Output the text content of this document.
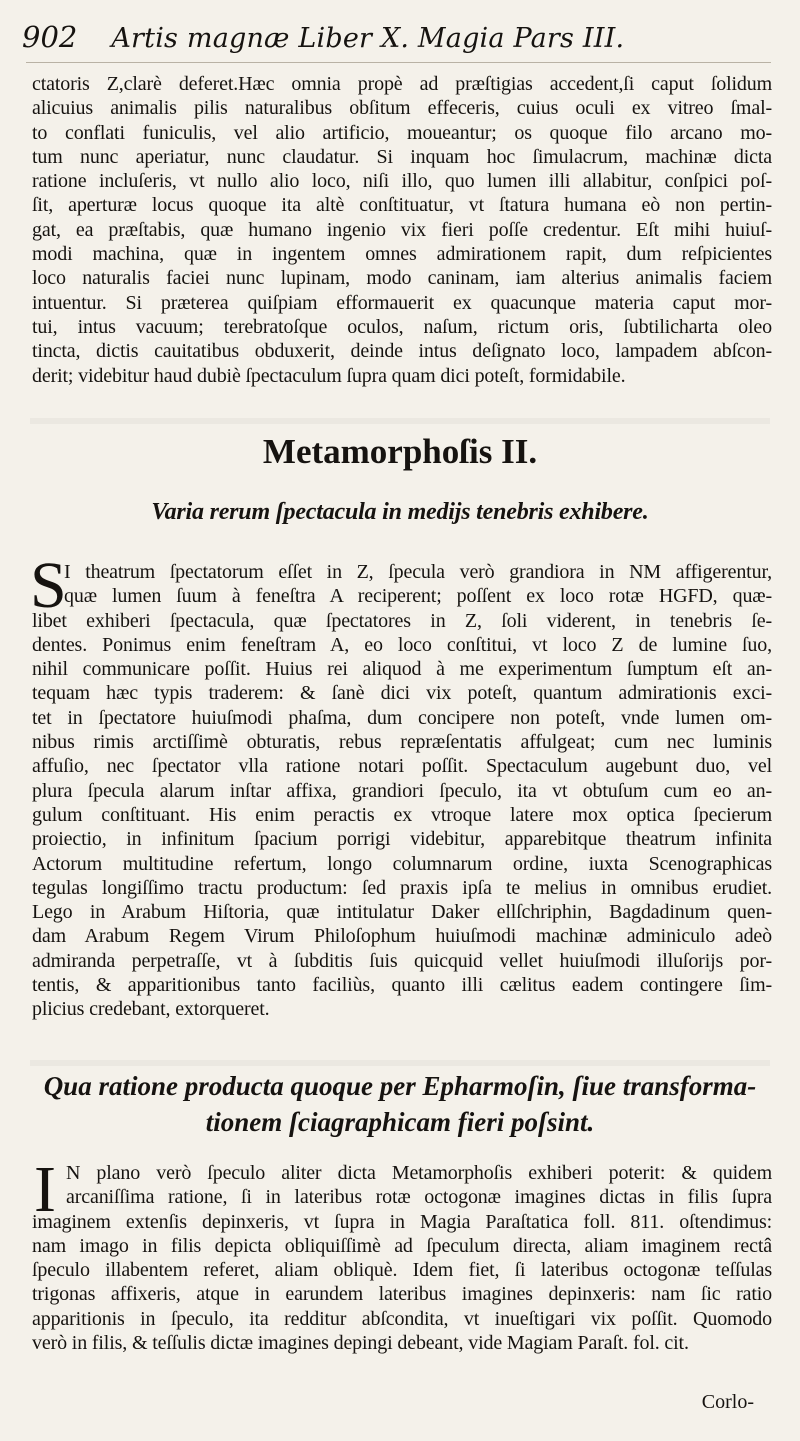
902 Artis magnæ Liber X. Magia Pars III.
ctatoris Z,clarè deferet.Hæc omnia propè ad præſtigias accedent,ſi caput ſolidum
alicuius animalis pilis naturalibus obſitum effeceris, cuius oculi ex vitreo ſmal-
to conflati funiculis, vel alio artificio, moueantur; os quoque filo arcano mo-
tum nunc aperiatur, nunc claudatur. Si inquam hoc ſimulacrum, machinæ dicta
ratione incluſeris, vt nullo alio loco, niſi illo, quo lumen illi allabitur, conſpici poſ-
ſit, aperturæ locus quoque ita altè conſtituatur, vt ſtatura humana eò non pertin-
gat, ea præſtabis, quæ humano ingenio vix fieri poſſe credentur. Eſt mihi huiuſ-
modi machina, quæ in ingentem omnes admirationem rapit, dum reſpicientes
loco naturalis faciei nunc lupinam, modo caninam, iam alterius animalis faciem
intuentur. Si præterea quiſpiam efformauerit ex quacunque materia caput mor-
tui, intus vacuum; terebratoſque oculos, naſum, rictum oris, ſubtilicharta oleo
tincta, dictis cauitatibus obduxerit, deinde intus deſignato loco, lampadem abſcon-
derit; videbitur haud dubiè ſpectaculum ſupra quam dici poteſt, formidabile.
Metamorphoſis II.
Varia rerum ſpectacula in medijs tenebris exhibere.
S
I theatrum ſpectatorum eſſet in Z, ſpecula verò grandiora in NM affigerentur,
quæ lumen ſuum à feneſtra A reciperent; poſſent ex loco rotæ HGFD, quæ-
libet exhiberi ſpectacula, quæ ſpectatores in Z, ſoli viderent, in tenebris ſe-
dentes. Ponimus enim feneſtram A, eo loco conſtitui, vt loco Z de lumine ſuo,
nihil communicare poſſit. Huius rei aliquod à me experimentum ſumptum eſt an-
tequam hæc typis traderem: & ſanè dici vix poteſt, quantum admirationis exci-
tet in ſpectatore huiuſmodi phaſma, dum concipere non poteſt, vnde lumen om-
nibus rimis arctiſſimè obturatis, rebus repræſentatis affulgeat; cum nec luminis
affuſio, nec ſpectator vlla ratione notari poſſit. Spectaculum augebunt duo, vel
plura ſpecula alarum inſtar affixa, grandiori ſpeculo, ita vt obtuſum cum eo an-
gulum conſtituant. His enim peractis ex vtroque latere mox optica ſpecierum
proiectio, in infinitum ſpacium porrigi videbitur, apparebitque theatrum infinita
Actorum multitudine refertum, longo columnarum ordine, iuxta Scenographicas
tegulas longiſſimo tractu productum: ſed praxis ipſa te melius in omnibus erudiet.
Lego in Arabum Hiſtoria, quæ intitulatur Daker ellſchriphin, Bagdadinum quen-
dam Arabum Regem Virum Philoſophum huiuſmodi machinæ adminiculo adeò
admiranda perpetraſſe, vt à ſubditis ſuis quicquid vellet huiuſmodi illuſorijs por-
tentis, & apparitionibus tanto faciliùs, quanto illi cælitus eadem contingere ſim-
plicius credebant, extorqueret.
Qua ratione producta quoque per Epharmoſin, ſiue transforma-
tionem ſciagraphicam fieri poſsint.
I N plano verò ſpeculo aliter dicta Metamorphoſis exhiberi poterit: & quidem
arcaniſſima ratione, ſi in lateribus rotæ octogonæ imagines dictas in filis ſupra
imaginem extenſis depinxeris, vt ſupra in Magia Paraſtatica foll. 811. oſtendimus:
nam imago in filis depicta obliquiſſimè ad ſpeculum directa, aliam imaginem rectâ
ſpeculo illabentem referet, aliam obliquè. Idem fiet, ſi lateribus octogonæ teſſulas
trigonas affixeris, atque in earundem lateribus imagines depinxeris: nam ſic ratio
apparitionis in ſpeculo, ita redditur abſcondita, vt inueſtigari vix poſſit. Quomodo
verò in filis, & teſſulis dictæ imagines depingi debeant, vide Magiam Paraſt. fol. cit.
Corlo-
